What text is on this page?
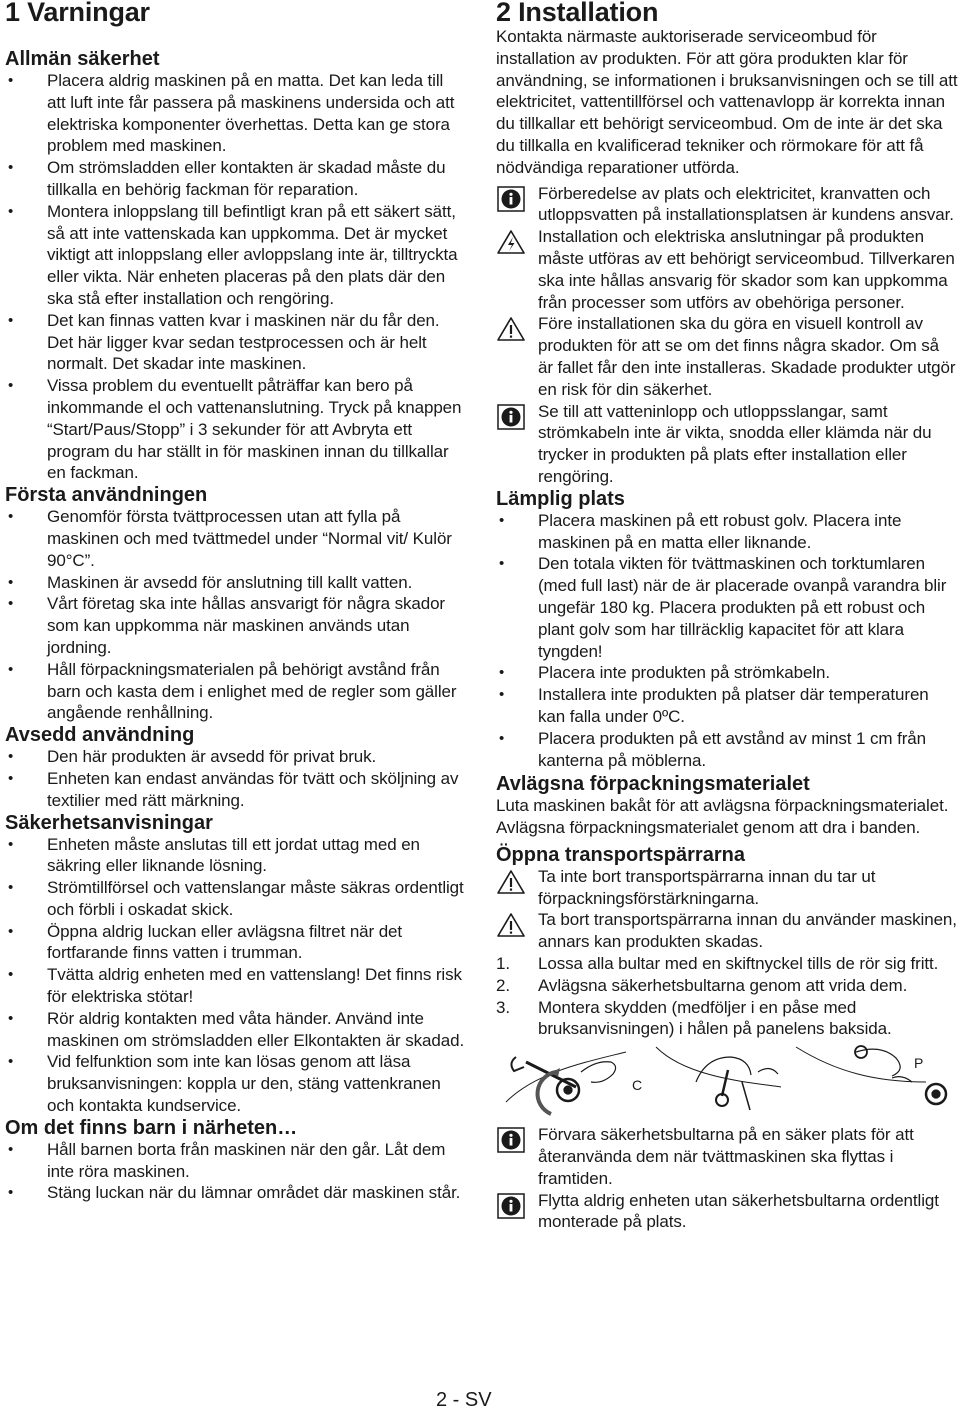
1 Varningar
Allmän säkerhet
• Placera aldrig maskinen på en matta. Det kan leda till att luft inte får passera på maskinens undersida och att elektriska komponenter överhettas. Detta kan ge stora problem med maskinen.
• Om strömsladden eller kontakten är skadad måste du tillkalla en behörig fackman för reparation.
• Montera inloppslang till befintligt kran på ett säkert sätt, så att inte vattenskada kan uppkomma. Det är mycket viktigt att inloppslang eller avloppslang inte är, tilltryckta eller vikta. När enheten placeras på den plats där den ska stå efter installation och rengöring.
• Det kan finnas vatten kvar i maskinen när du får den. Det här ligger kvar sedan testprocessen och är helt normalt. Det skadar inte maskinen.
• Vissa problem du eventuellt påträffar kan bero på inkommande el och vattenanslutning. Tryck på knappen “Start/Paus/Stopp” i 3 sekunder för att Avbryta ett program du har ställt in för maskinen innan du tillkallar en fackman.
Första användningen
• Genomför första tvättprocessen utan att fylla på maskinen och med tvättmedel under “Normal vit/ Kulör 90°C”.
• Maskinen är avsedd för anslutning till kallt vatten.
• Vårt företag ska inte hållas ansvarigt för några skador som kan uppkomma när maskinen används utan jordning.
• Håll förpackningsmaterialen på behörigt avstånd från barn och kasta dem i enlighet med de regler som gäller angående renhållning.
Avsedd användning
• Den här produkten är avsedd för privat bruk.
• Enheten kan endast användas för tvätt och sköljning av textilier med rätt märkning.
Säkerhetsanvisningar
• Enheten måste anslutas till ett jordat uttag med en säkring eller liknande lösning.
• Strömtillförsel och vattenslangar måste säkras ordentligt och förbli i oskadat skick.
• Öppna aldrig luckan eller avlägsna filtret när det fortfarande finns vatten i trumman.
• Tvätta aldrig enheten med en vattenslang! Det finns risk för elektriska stötar!
• Rör aldrig kontakten med våta händer. Använd inte maskinen om strömsladden eller Elkontakten är skadad.
• Vid felfunktion som inte kan lösas genom att läsa bruksanvisningen: koppla ur den, stäng vattenkranen och kontakta kundservice.
Om det finns barn i närheten…
• Håll barnen borta från maskinen när den går. Låt dem inte röra maskinen.
• Stäng luckan när du lämnar området där maskinen står.
2 Installation

Kontakta närmaste auktoriserade serviceombud för installation av produkten. För att göra produkten klar för användning, se informationen i bruksanvisningen och se till att elektricitet, vattentillförsel och vattenavlopp är korrekta innan du tillkallar ett behörigt serviceombud. Om de inte är det ska du tillkalla en kvalificerad tekniker och rörmokare för att få nödvändiga reparationer utförda.

Förberedelse av plats och elektricitet, kranvatten och utloppsvatten på installationsplatsen är kundens ansvar.
Installation och elektriska anslutningar på produkten måste utföras av ett behörigt serviceombud. Tillverkaren ska inte hållas ansvarig för skador som kan uppkomma från processer som utförs av obehöriga personer.
Före installationen ska du göra en visuell kontroll av produkten för att se om det finns några skador. Om så är fallet får den inte installeras. Skadade produkter utgör en risk för din säkerhet.
Se till att vatteninlopp och utloppsslangar, samt strömkabeln inte är vikta, snodda eller klämda när du trycker in produkten på plats efter installation eller rengöring.
Lämplig plats
• Placera maskinen på ett robust golv. Placera inte maskinen på en matta eller liknande.
• Den totala vikten för tvättmaskinen och torktumlaren (med full last) när de är placerade ovanpå varandra blir ungefär 180 kg. Placera produkten på ett robust och plant golv som har tillräcklig kapacitet för att klara tyngden!
• Placera inte produkten på strömkabeln.
• Installera inte produkten på platser där temperaturen kan falla under 0ºC.
• Placera produkten på ett avstånd av minst 1 cm från kanterna på möblerna.
Avlägsna förpackningsmaterialet

Luta maskinen bakåt för att avlägsna förpackningsmaterialet. Avlägsna förpackningsmaterialet genom att dra i banden.

Öppna transportspärrarna
Ta inte bort transportspärrarna innan du tar ut förpackningsförstärkningarna.
Ta bort transportspärrarna innan du använder maskinen, annars kan produkten skadas.
1. Lossa alla bultar med en skiftnyckel tills de rör sig fritt.
2. Avlägsna säkerhetsbultarna genom att vrida dem.
3. Montera skydden (medföljer i en påse med bruksanvisningen) i hålen på panelens baksida.
C
P
Förvara säkerhetsbultarna på en säker plats för att återanvända dem när tvättmaskinen ska flyttas i framtiden.
Flytta aldrig enheten utan säkerhetsbultarna ordentligt monterade på plats.
2 - SV
